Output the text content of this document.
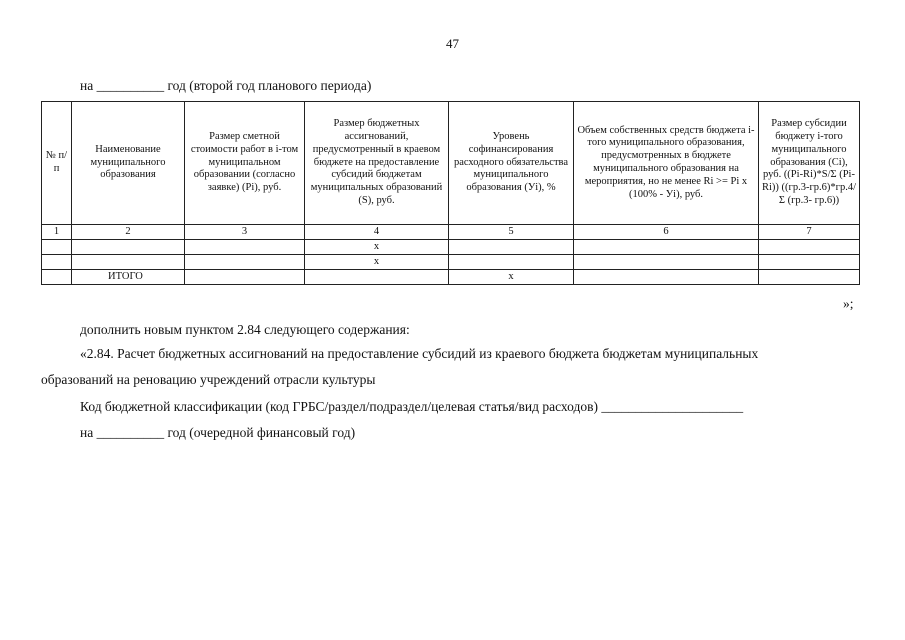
47
на __________ год (второй год планового периода)
№ п/п	Наименование муниципального образования	Размер сметной стоимости работ в i-том муниципальном образовании (согласно заявке) (Pi), руб.	Размер бюджетных ассигнований, предусмотренный в краевом бюджете на предоставление субсидий бюджетам муниципальных образований (S), руб.	Уровень софинансирования расходного обязательства муниципального образования (Уi), %	Объем собственных средств бюджета i-того муниципального образования, предусмотренных в бюджете муниципального образования на мероприятия, но не менее Ri >= Pi x (100% - Уi), руб.	Размер субсидии бюджету i-того муниципального образования (Ci), руб. ((Pi-Ri)*S/Σ (Pi-Ri)) ((гр.3-гр.6)*гр.4/Σ (гр.3- гр.6))
1	2	3	4	5	6	7
			x			
			x			
	ИТОГО			x		
»;
дополнить новым пунктом 2.84 следующего содержания:
«2.84. Расчет бюджетных ассигнований на предоставление субсидий из краевого бюджета бюджетам муниципальных
образований на реновацию учреждений отрасли культуры
Код бюджетной классификации (код ГРБС/раздел/подраздел/целевая статья/вид расходов) _____________________
на __________ год (очередной финансовый год)
